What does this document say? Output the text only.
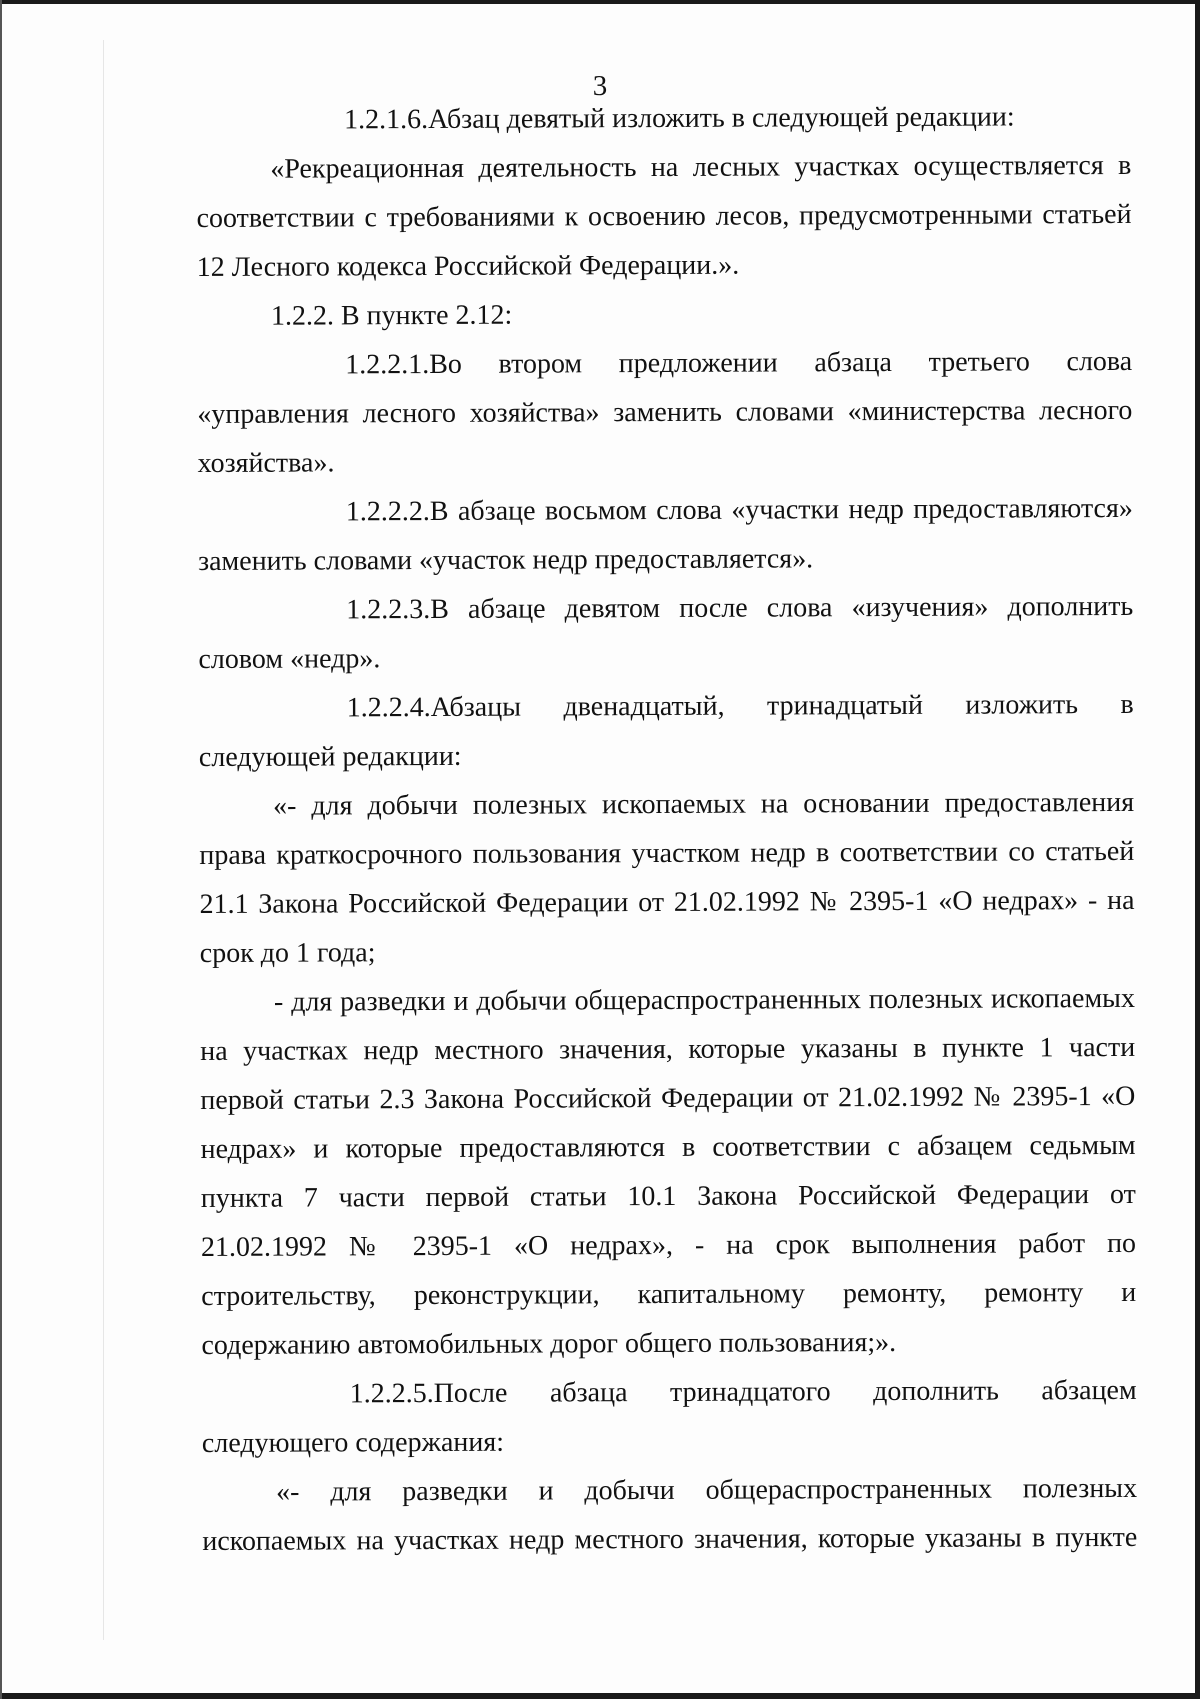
3

1.2.1.6.Абзац девятый изложить в следующей редакции:

«Рекреационная деятельность на лесных участках осуществляется в соответствии с требованиями к освоению лесов, предусмотренными статьей 12 Лесного кодекса Российской Федерации.».

1.2.2. В пункте 2.12:

1.2.2.1.Во втором предложении абзаца третьего слова «управления лесного хозяйства» заменить словами «министерства лесного хозяйства».

1.2.2.2.В абзаце восьмом слова «участки недр предоставляются» заменить словами «участок недр предоставляется».

1.2.2.3.В абзаце девятом после слова «изучения» дополнить словом «недр».

1.2.2.4.Абзацы двенадцатый, тринадцатый изложить в следующей редакции:

«- для добычи полезных ископаемых на основании предоставления права краткосрочного пользования участком недр в соответствии со статьей 21.1 Закона Российской Федерации от 21.02.1992 № 2395-1 «О недрах» - на срок до 1 года;

- для разведки и добычи общераспространенных полезных ископаемых на участках недр местного значения, которые указаны в пункте 1 части первой статьи 2.3 Закона Российской Федерации от 21.02.1992 № 2395-1 «О недрах» и которые предоставляются в соответствии с абзацем седьмым пункта 7 части первой статьи 10.1 Закона Российской Федерации от 21.02.1992 № 2395-1 «О недрах», - на срок выполнения работ по строительству, реконструкции, капитальному ремонту, ремонту и содержанию автомобильных дорог общего пользования;».

1.2.2.5.После абзаца тринадцатого дополнить абзацем следующего содержания:

«- для разведки и добычи общераспространенных полезных ископаемых на участках недр местного значения, которые указаны в пункте
